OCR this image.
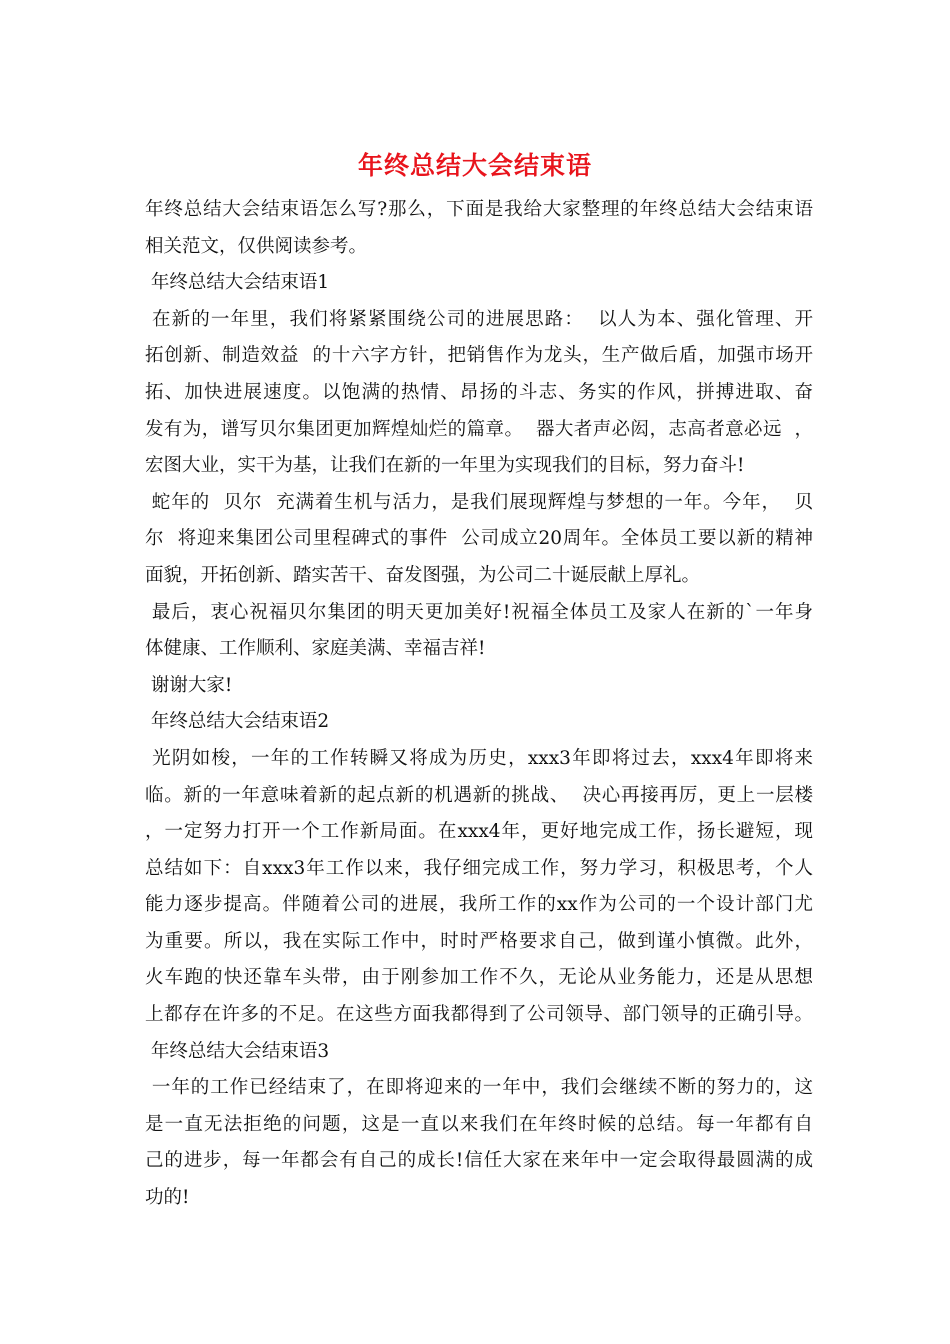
年终总结大会结束语
年终总结大会结束语怎么写?那么，下面是我给大家整理的年终总结大会结束语
相关范文，仅供阅读参考。
年终总结大会结束语1
在新的一年里，我们将紧紧围绕公司的进展思路：  以人为本、强化管理、开
拓创新、制造效益  的十六字方针，把销售作为龙头，生产做后盾，加强市场开
拓、加快进展速度。以饱满的热情、昂扬的斗志、务实的作风，拼搏进取、奋
发有为，谱写贝尔集团更加辉煌灿烂的篇章。  器大者声必闳，志高者意必远  ，
宏图大业，实干为基，让我们在新的一年里为实现我们的目标，努力奋斗!
蛇年的  贝尔  充满着生机与活力，是我们展现辉煌与梦想的一年。今年，  贝
尔  将迎来集团公司里程碑式的事件  公司成立20周年。全体员工要以新的精神
面貌，开拓创新、踏实苦干、奋发图强，为公司二十诞辰献上厚礼。
最后，衷心祝福贝尔集团的明天更加美好!祝福全体员工及家人在新的`一年身
体健康、工作顺利、家庭美满、幸福吉祥!
谢谢大家!
年终总结大会结束语2
光阴如梭，一年的工作转瞬又将成为历史，xxx3年即将过去，xxx4年即将来
临。新的一年意味着新的起点新的机遇新的挑战、  决心再接再厉，更上一层楼
，一定努力打开一个工作新局面。在xxx4年，更好地完成工作，扬长避短，现
总结如下：自xxx3年工作以来，我仔细完成工作，努力学习，积极思考，个人
能力逐步提高。伴随着公司的进展，我所工作的xx作为公司的一个设计部门尤
为重要。所以，我在实际工作中，时时严格要求自己，做到谨小慎微。此外，
火车跑的快还靠车头带，由于刚参加工作不久，无论从业务能力，还是从思想
上都存在许多的不足。在这些方面我都得到了公司领导、部门领导的正确引导。
年终总结大会结束语3
一年的工作已经结束了，在即将迎来的一年中，我们会继续不断的努力的，这
是一直无法拒绝的问题，这是一直以来我们在年终时候的总结。每一年都有自
己的进步，每一年都会有自己的成长!信任大家在来年中一定会取得最圆满的成
功的!
